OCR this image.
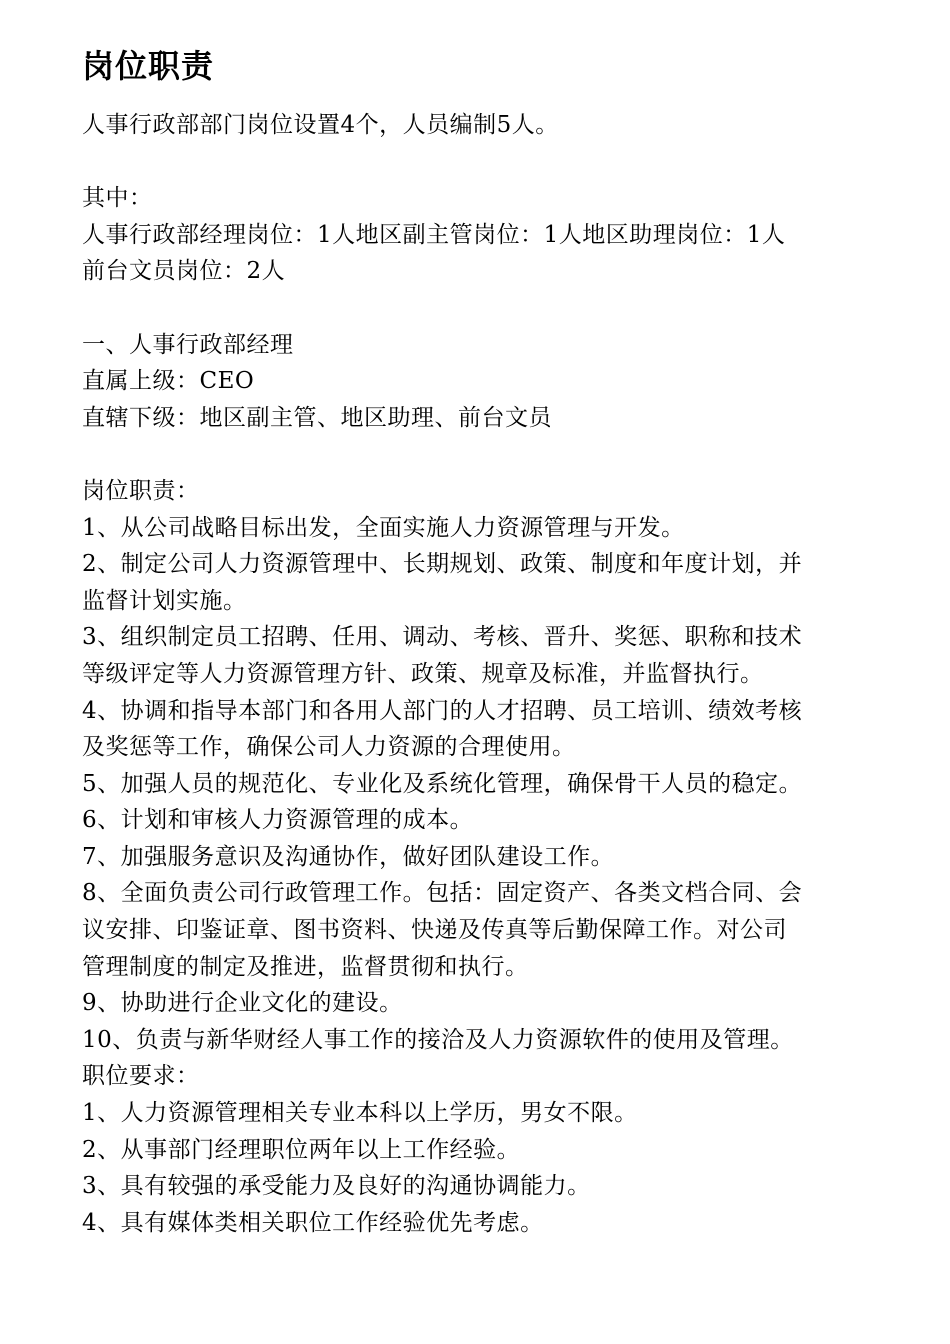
岗位职责
人事行政部部门岗位设置4个，人员编制5人。
其中：
人事行政部经理岗位：1人地区副主管岗位：1人地区助理岗位：1人
前台文员岗位：2人
一、人事行政部经理
直属上级：CEO
直辖下级：地区副主管、地区助理、前台文员
岗位职责：
1、从公司战略目标出发，全面实施人力资源管理与开发。
2、制定公司人力资源管理中、长期规划、政策、制度和年度计划，并
监督计划实施。
3、组织制定员工招聘、任用、调动、考核、晋升、奖惩、职称和技术
等级评定等人力资源管理方针、政策、规章及标准，并监督执行。
4、协调和指导本部门和各用人部门的人才招聘、员工培训、绩效考核
及奖惩等工作，确保公司人力资源的合理使用。
5、加强人员的规范化、专业化及系统化管理，确保骨干人员的稳定。
6、计划和审核人力资源管理的成本。
7、加强服务意识及沟通协作，做好团队建设工作。
8、全面负责公司行政管理工作。包括：固定资产、各类文档合同、会
议安排、印鉴证章、图书资料、快递及传真等后勤保障工作。对公司
管理制度的制定及推进，监督贯彻和执行。
9、协助进行企业文化的建设。
10、负责与新华财经人事工作的接洽及人力资源软件的使用及管理。
职位要求：
1、人力资源管理相关专业本科以上学历，男女不限。
2、从事部门经理职位两年以上工作经验。
3、具有较强的承受能力及良好的沟通协调能力。
4、具有媒体类相关职位工作经验优先考虑。
